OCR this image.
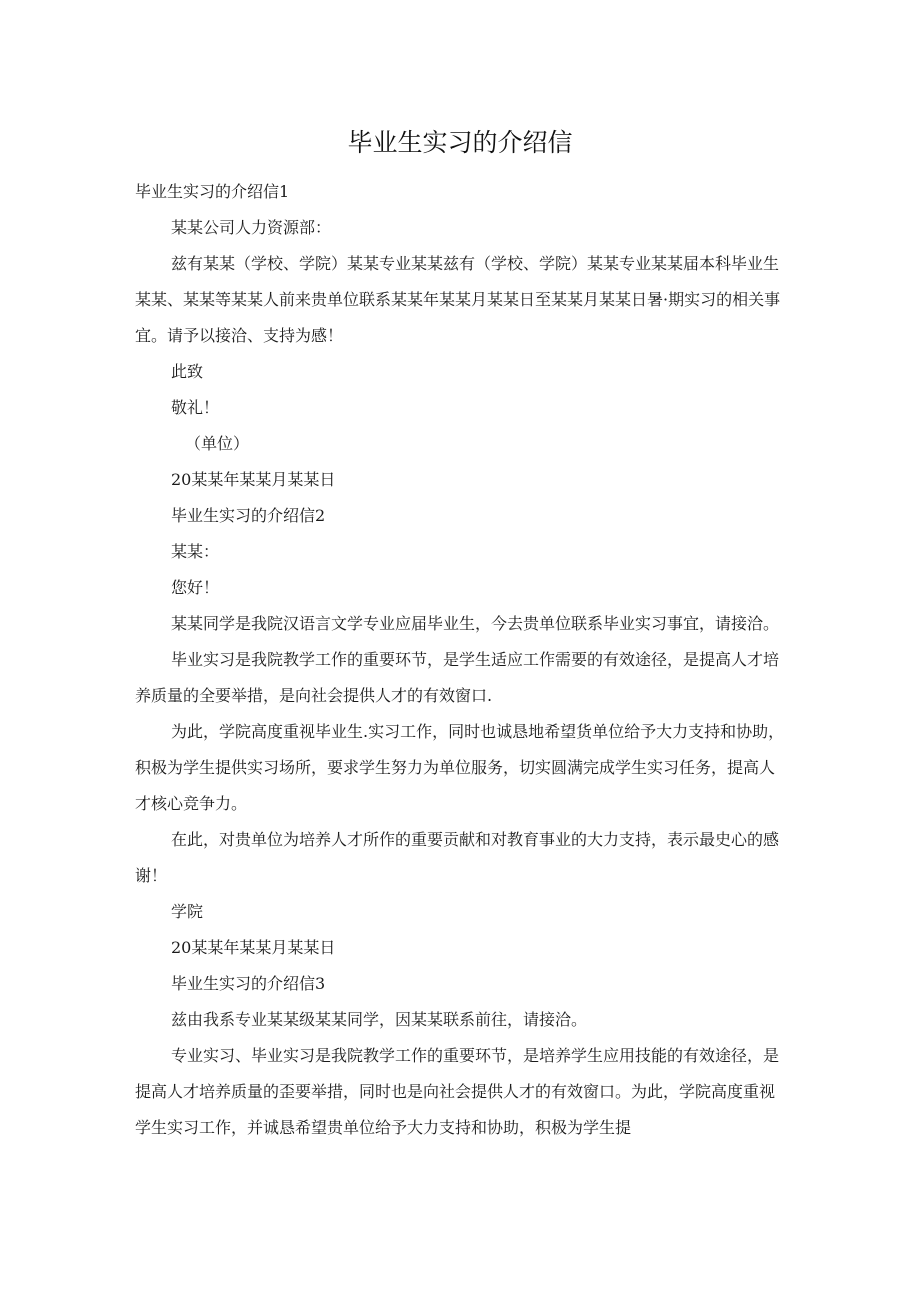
毕业生实习的介绍信

毕业生实习的介绍信1

某某公司人力资源部：

兹有某某（学校、学院）某某专业某某兹有（学校、学院）某某专业某某届本科毕业生某某、某某等某某人前来贵单位联系某某年某某月某某日至某某月某某日暑·期实习的相关事宜。请予以接洽、支持为感！

此致

敬礼！

（单位）

20某某年某某月某某日

毕业生实习的介绍信2

某某：

您好！

某某同学是我院汉语言文学专业应届毕业生，今去贵单位联系毕业实习事宜，请接洽。

毕业实习是我院教学工作的重要环节，是学生适应工作需要的有效途径，是提高人才培养质量的全要举措，是向社会提供人才的有效窗口.

为此，学院高度重视毕业生.实习工作，同时也诚恳地希望货单位给予大力支持和协助，积极为学生提供实习场所，要求学生努力为单位服务，切实圆满完成学生实习任务，提高人才核心竞争力。

在此，对贵单位为培养人才所作的重要贡献和对教育事业的大力支持，表示最史心的感谢！

学院

20某某年某某月某某日

毕业生实习的介绍信3

兹由我系专业某某级某某同学，因某某联系前往，请接洽。

专业实习、毕业实习是我院教学工作的重要环节，是培养学生应用技能的有效途径，是提高人才培养质量的歪要举措，同时也是向社会提供人才的有效窗口。为此，学院高度重视学生实习工作，并诚恳希望贵单位给予大力支持和协助，积极为学生提
